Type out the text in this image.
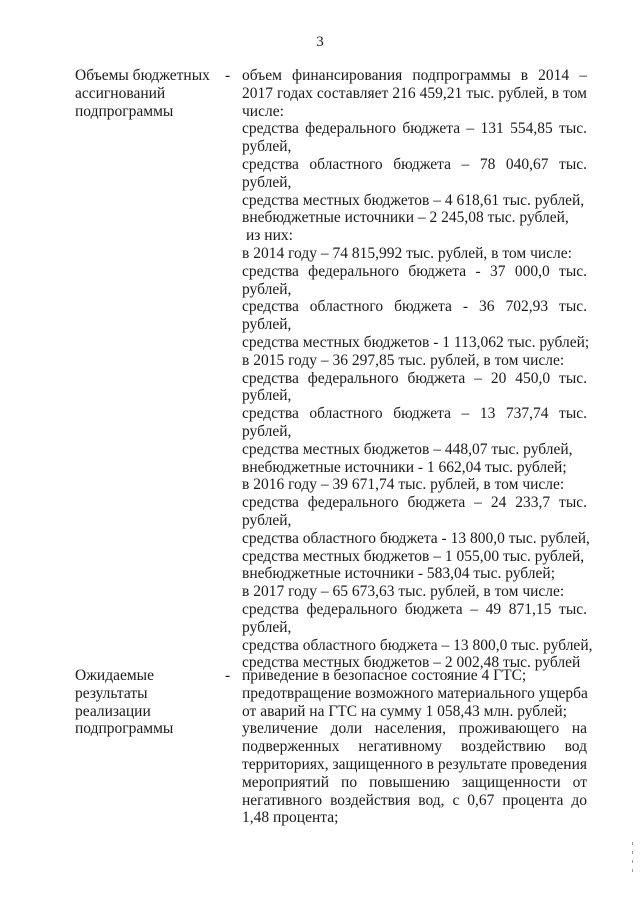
3
Объемы бюджетных
ассигнований
подпрограммы
- объем финансирования подпрограммы в 2014 –
2017 годах составляет 216 459,21 тыс. рублей, в том
числе:
средства федерального бюджета – 131 554,85 тыс.
рублей,
средства областного бюджета – 78 040,67 тыс.
рублей,
средства местных бюджетов – 4 618,61 тыс. рублей,
внебюджетные источники – 2 245,08 тыс. рублей,
из них:
в 2014 году – 74 815,992 тыс. рублей, в том числе:
средства федерального бюджета - 37 000,0 тыс.
рублей,
средства областного бюджета - 36 702,93 тыс.
рублей,
средства местных бюджетов - 1 113,062 тыс. рублей;
в 2015 году – 36 297,85 тыс. рублей, в том числе:
средства федерального бюджета – 20 450,0 тыс.
рублей,
средства областного бюджета – 13 737,74 тыс.
рублей,
средства местных бюджетов – 448,07 тыс. рублей,
внебюджетные источники - 1 662,04 тыс. рублей;
в 2016 году – 39 671,74 тыс. рублей, в том числе:
средства федерального бюджета – 24 233,7 тыс.
рублей,
средства областного бюджета - 13 800,0 тыс. рублей,
средства местных бюджетов – 1 055,00 тыс. рублей,
внебюджетные источники - 583,04 тыс. рублей;
в 2017 году – 65 673,63 тыс. рублей, в том числе:
средства федерального бюджета – 49 871,15 тыс.
рублей,
средства областного бюджета – 13 800,0 тыс. рублей,
средства местных бюджетов – 2 002,48 тыс. рублей
Ожидаемые
результаты
реализации
подпрограммы
- приведение в безопасное состояние 4 ГТС;
предотвращение возможного материального ущерба
от аварий на ГТС на сумму 1 058,43 млн. рублей;
увеличение доли населения, проживающего на
подверженных негативному воздействию вод
территориях, защищенного в результате проведения
мероприятий по повышению защищенности от
негативного воздействия вод, с 0,67 процента до
1,48 процента;
